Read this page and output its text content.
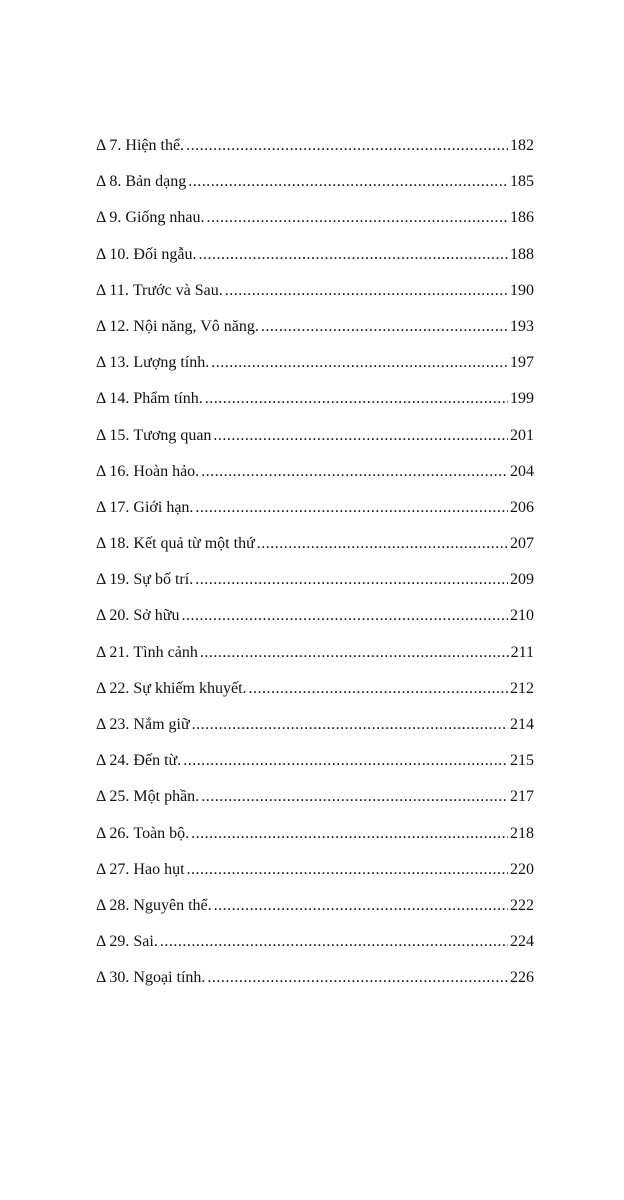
Δ 7. Hiện thể. .....	182
Δ 8. Bản dạng .....	185
Δ 9. Giống nhau. .....	186
Δ 10. Đối ngẫu. .....	188
Δ 11. Trước và Sau. .....	190
Δ 12. Nội năng, Vô năng. .....	193
Δ 13. Lượng tính. .....	197
Δ 14. Phẩm tính. .....	199
Δ 15. Tương quan .....	201
Δ 16. Hoàn hảo. .....	204
Δ 17. Giới hạn. .....	206
Δ 18. Kết quả từ một thứ .....	207
Δ 19. Sự bố trí. .....	209
Δ 20. Sở hữu .....	210
Δ 21. Tình cảnh .....	211
Δ 22. Sự khiếm khuyết. .....	212
Δ 23. Nắm giữ .....	214
Δ 24. Đến từ. .....	215
Δ 25. Một phần. .....	217
Δ 26. Toàn bộ. .....	218
Δ 27. Hao hụt .....	220
Δ 28. Nguyên thể. .....	222
Δ 29. Sai. .....	224
Δ 30. Ngoại tính. .....	226
